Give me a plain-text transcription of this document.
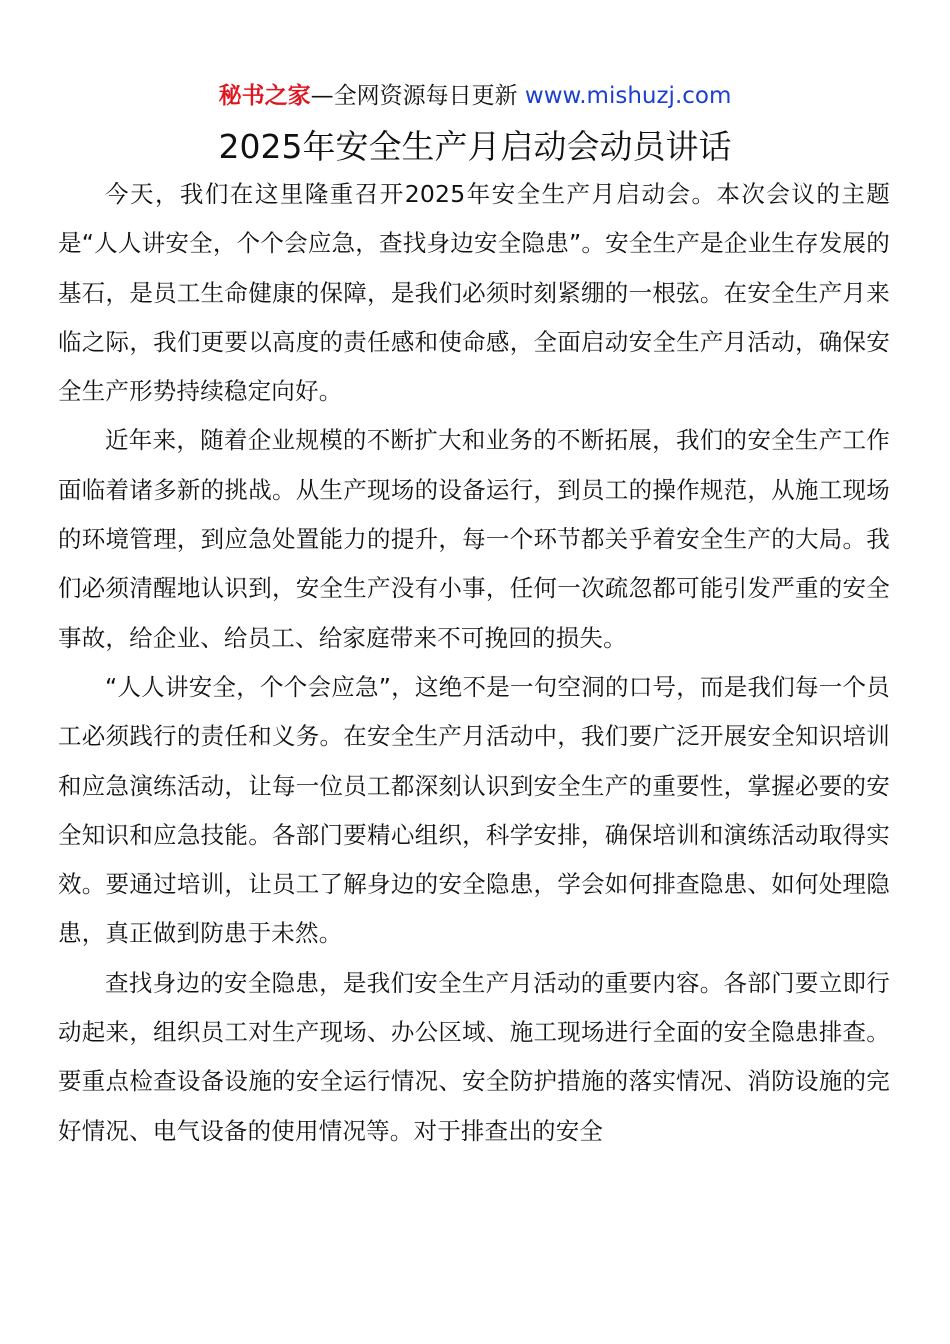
秘书之家—全网资源每日更新 www.mishuzj.com
2025年安全生产月启动会动员讲话

今天，我们在这里隆重召开2025年安全生产月启动会。本次会议的主题是“人人讲安全，个个会应急，查找身边安全隐患”。安全生产是企业生存发展的基石，是员工生命健康的保障，是我们必须时刻紧绷的一根弦。在安全生产月来临之际，我们更要以高度的责任感和使命感，全面启动安全生产月活动，确保安全生产形势持续稳定向好。

近年来，随着企业规模的不断扩大和业务的不断拓展，我们的安全生产工作面临着诸多新的挑战。从生产现场的设备运行，到员工的操作规范，从施工现场的环境管理，到应急处置能力的提升，每一个环节都关乎着安全生产的大局。我们必须清醒地认识到，安全生产没有小事，任何一次疏忽都可能引发严重的安全事故，给企业、给员工、给家庭带来不可挽回的损失。

“人人讲安全，个个会应急”，这绝不是一句空洞的口号，而是我们每一个员工必须践行的责任和义务。在安全生产月活动中，我们要广泛开展安全知识培训和应急演练活动，让每一位员工都深刻认识到安全生产的重要性，掌握必要的安全知识和应急技能。各部门要精心组织，科学安排，确保培训和演练活动取得实效。要通过培训，让员工了解身边的安全隐患，学会如何排查隐患、如何处理隐患，真正做到防患于未然。

查找身边的安全隐患，是我们安全生产月活动的重要内容。各部门要立即行动起来，组织员工对生产现场、办公区域、施工现场进行全面的安全隐患排查。要重点检查设备设施的安全运行情况、安全防护措施的落实情况、消防设施的完好情况、电气设备的使用情况等。对于排查出的安全
